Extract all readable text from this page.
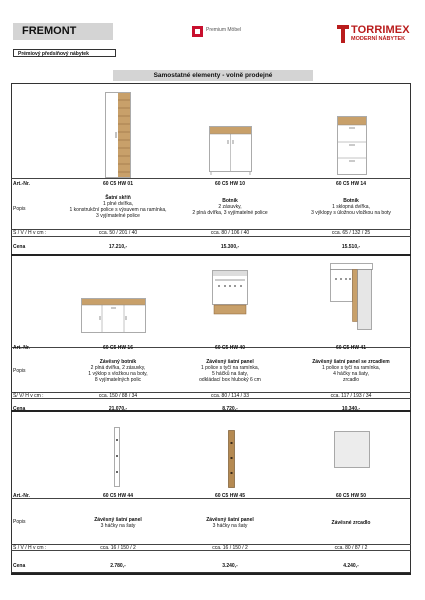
FREMONT	Premium Möbel	TORRIMEX
MODERNÍ NÁBYTEK
Prémiový předsíňový nábytek
Samostatné elementy - volně prodejné
Art.-Nr.
Popis
Š / V / H v cm :
Cena
60 C5 HW 01
Šatní skříň
1 plné dvířka,
1 konstrukční police s výsuvem na ramínka,
3 vyjímatelné police
cca. 50 / 201 / 40
17.210,-
60 C5 HW 10
Botník
2 zásuvky,
2 plná dvířka, 3 vyjímatelné police
cca. 80 / 106 / 40
15.300,-
60 C5 HW 14
Botník
1 sklopná dvířka,
3 výklopy s úložnou vložkou na boty
cca. 65 / 132 / 25
15.510,-
Art.-Nr.
Popis
Š/ V/ H v cm :
Cena
60 C5 HW 16
Závěsný botník
2 plná dvířka, 2 zásuvky,
1 výklop s vložkou na boty,
8 vyjímatelných polic
cca. 150 / 88 / 34
21.070,-
60 C5 HW 40
Závěsný šatní panel
1 police s tyčí na ramínka,
5 háčků na šaty,
odkládací box hluboký 6 cm
cca. 80 / 114 / 33
8.720,-
60 C5 HW 41
Závěsný šatní panel se zrcadlem
1 police s tyčí na ramínka,
4 háčky na šaty,
zrcadlo
cca. 117 / 193 / 34
10.340,-
Art.-Nr.
Popis
Š / V / H v cm :
Cena
60 C5 HW 44
Závěsný šatní panel
3 háčky na šaty
cca. 16 / 150 / 2
2.780,-
60 C5 HW 45
Závěsný šatní panel
3 háčky na šaty
cca. 16 / 150 / 2
3.240,-
60 C5 HW 50
Závěsné zrcadlo
cca. 80 / 87 / 2
4.240,-
